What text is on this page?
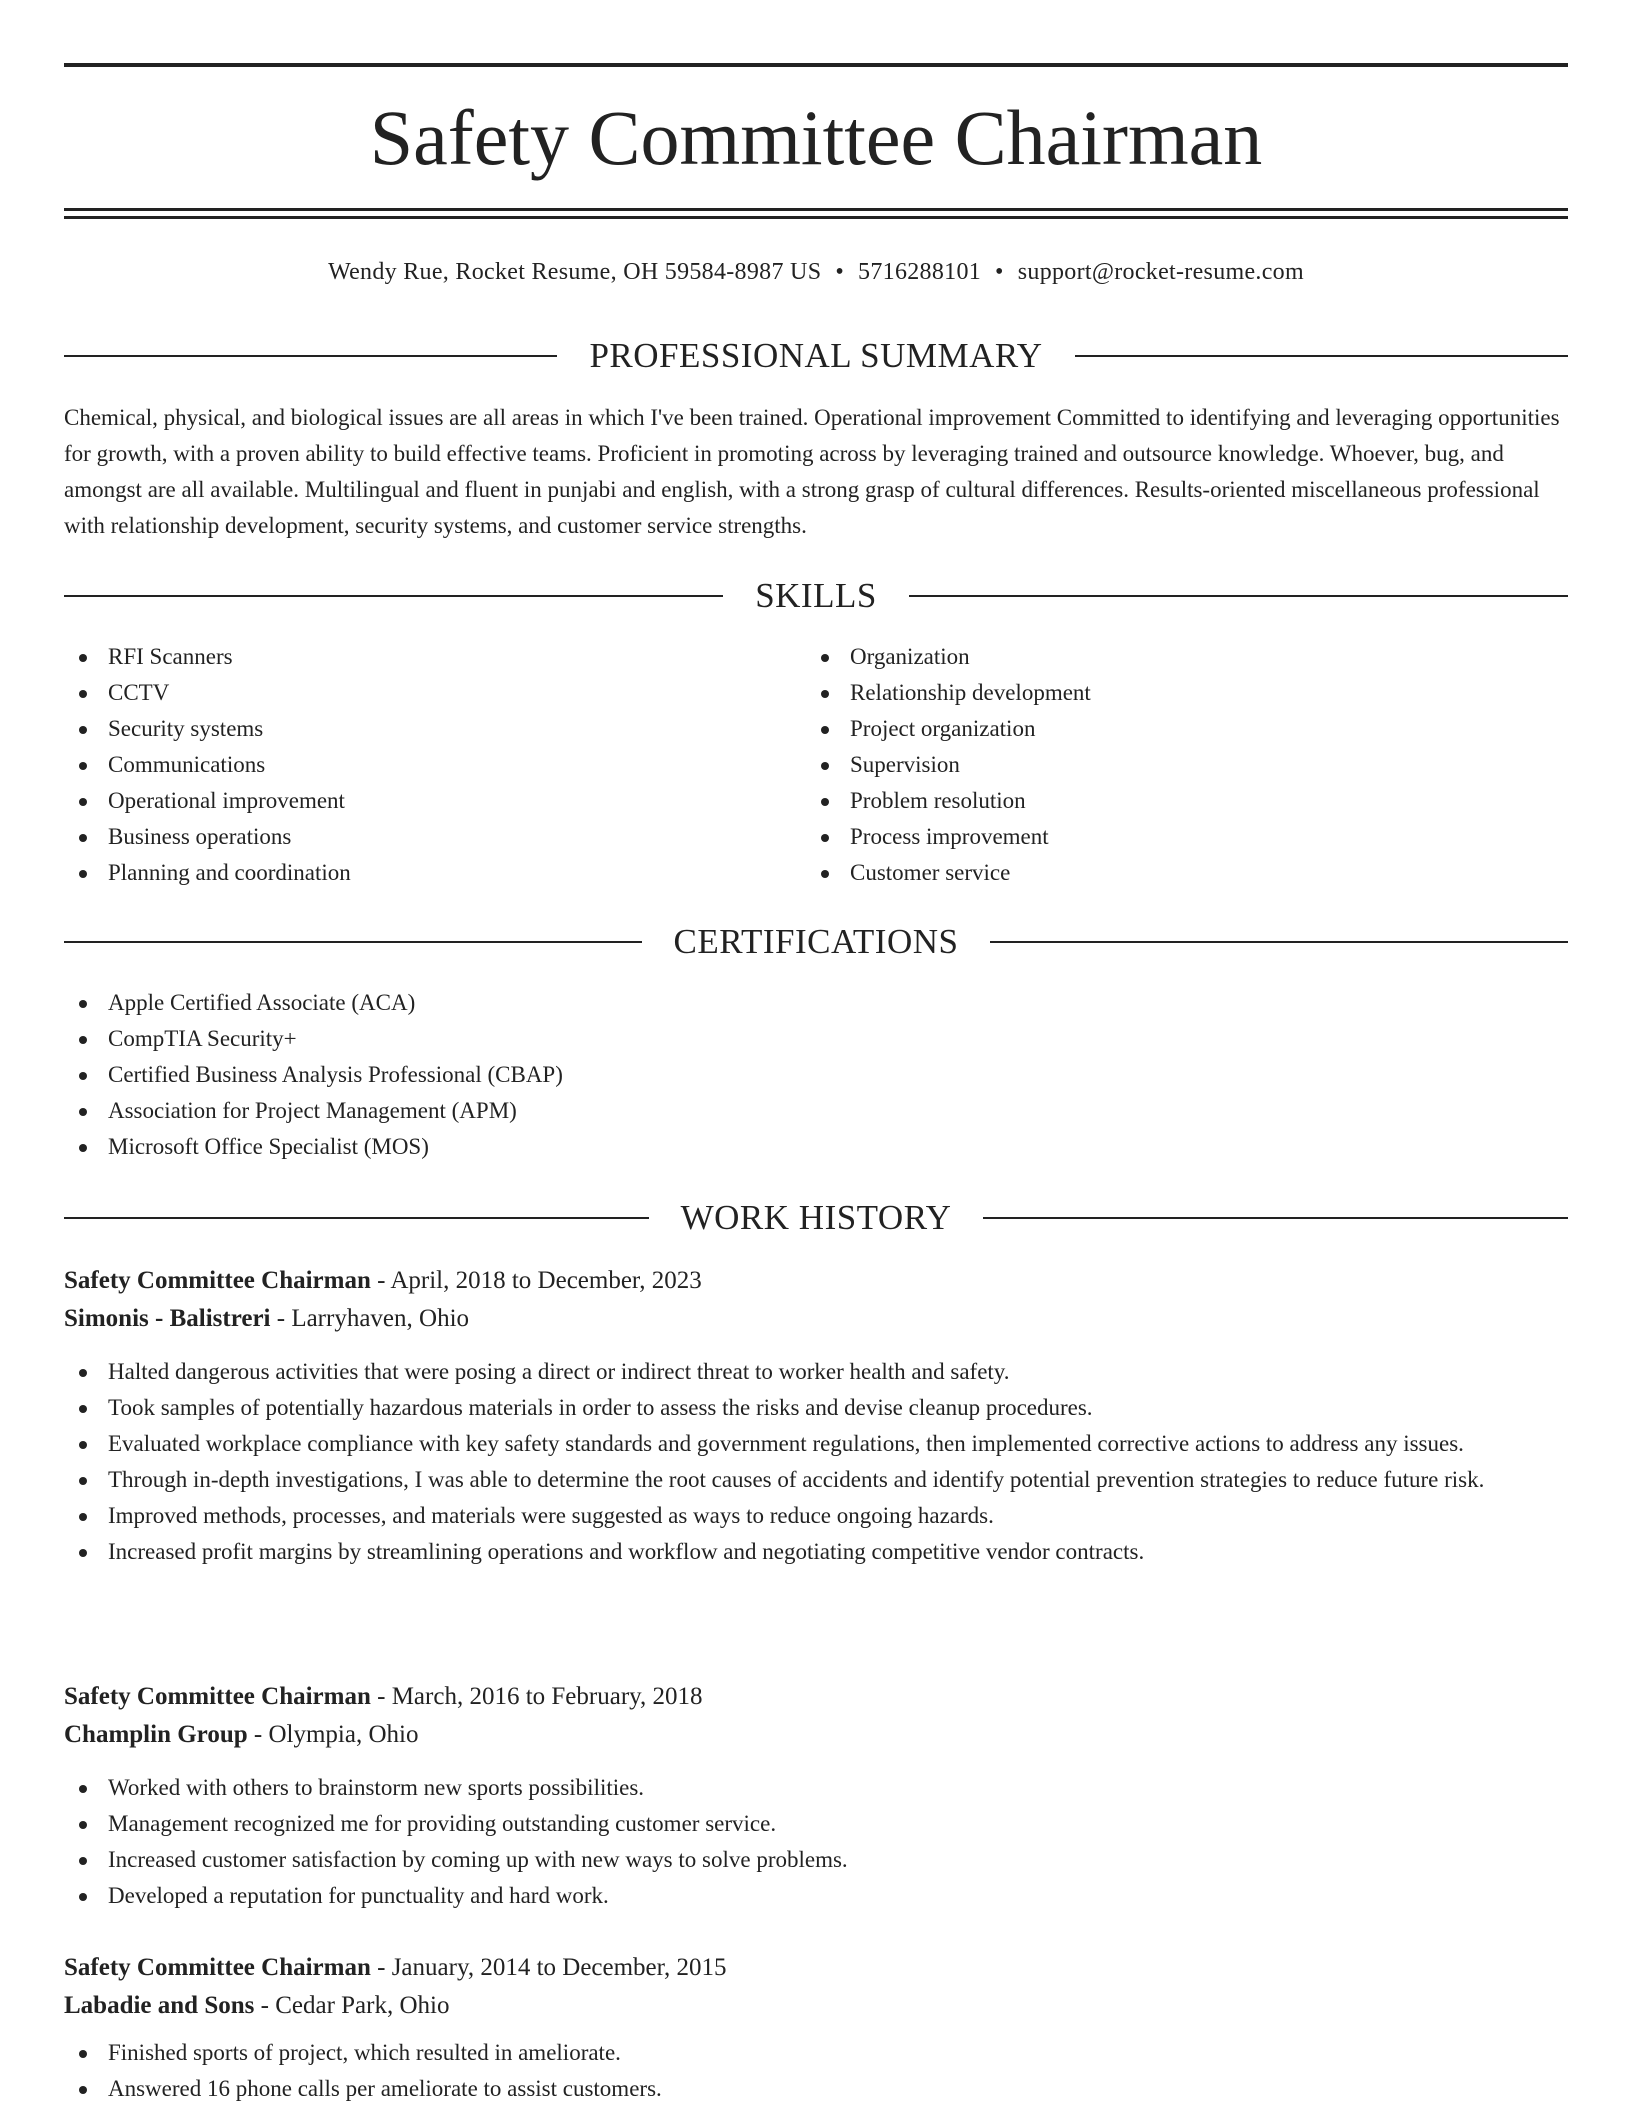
Safety Committee Chairman
Wendy Rue, Rocket Resume, OH 59584-8987 US • 5716288101 • support@rocket-resume.com
PROFESSIONAL SUMMARY

Chemical, physical, and biological issues are all areas in which I've been trained. Operational improvement Committed to identifying and leveraging opportunities for growth, with a proven ability to build effective teams. Proficient in promoting across by leveraging trained and outsource knowledge. Whoever, bug, and amongst are all available. Multilingual and fluent in punjabi and english, with a strong grasp of cultural differences. Results-oriented miscellaneous professional with relationship development, security systems, and customer service strengths.

SKILLS
RFI Scanners
CCTV
Security systems
Communications
Operational improvement
Business operations
Planning and coordination
Organization
Relationship development
Project organization
Supervision
Problem resolution
Process improvement
Customer service
CERTIFICATIONS
Apple Certified Associate (ACA)
CompTIA Security+
Certified Business Analysis Professional (CBAP)
Association for Project Management (APM)
Microsoft Office Specialist (MOS)
WORK HISTORY
Safety Committee Chairman - April, 2018 to December, 2023
Simonis - Balistreri - Larryhaven, Ohio
Halted dangerous activities that were posing a direct or indirect threat to worker health and safety.
Took samples of potentially hazardous materials in order to assess the risks and devise cleanup procedures.
Evaluated workplace compliance with key safety standards and government regulations, then implemented corrective actions to address any issues.
Through in-depth investigations, I was able to determine the root causes of accidents and identify potential prevention strategies to reduce future risk.
Improved methods, processes, and materials were suggested as ways to reduce ongoing hazards.
Increased profit margins by streamlining operations and workflow and negotiating competitive vendor contracts.
Safety Committee Chairman - March, 2016 to February, 2018
Champlin Group - Olympia, Ohio
Worked with others to brainstorm new sports possibilities.
Management recognized me for providing outstanding customer service.
Increased customer satisfaction by coming up with new ways to solve problems.
Developed a reputation for punctuality and hard work.
Safety Committee Chairman - January, 2014 to December, 2015
Labadie and Sons - Cedar Park, Ohio
Finished sports of project, which resulted in ameliorate.
Answered 16 phone calls per ameliorate to assist customers.
